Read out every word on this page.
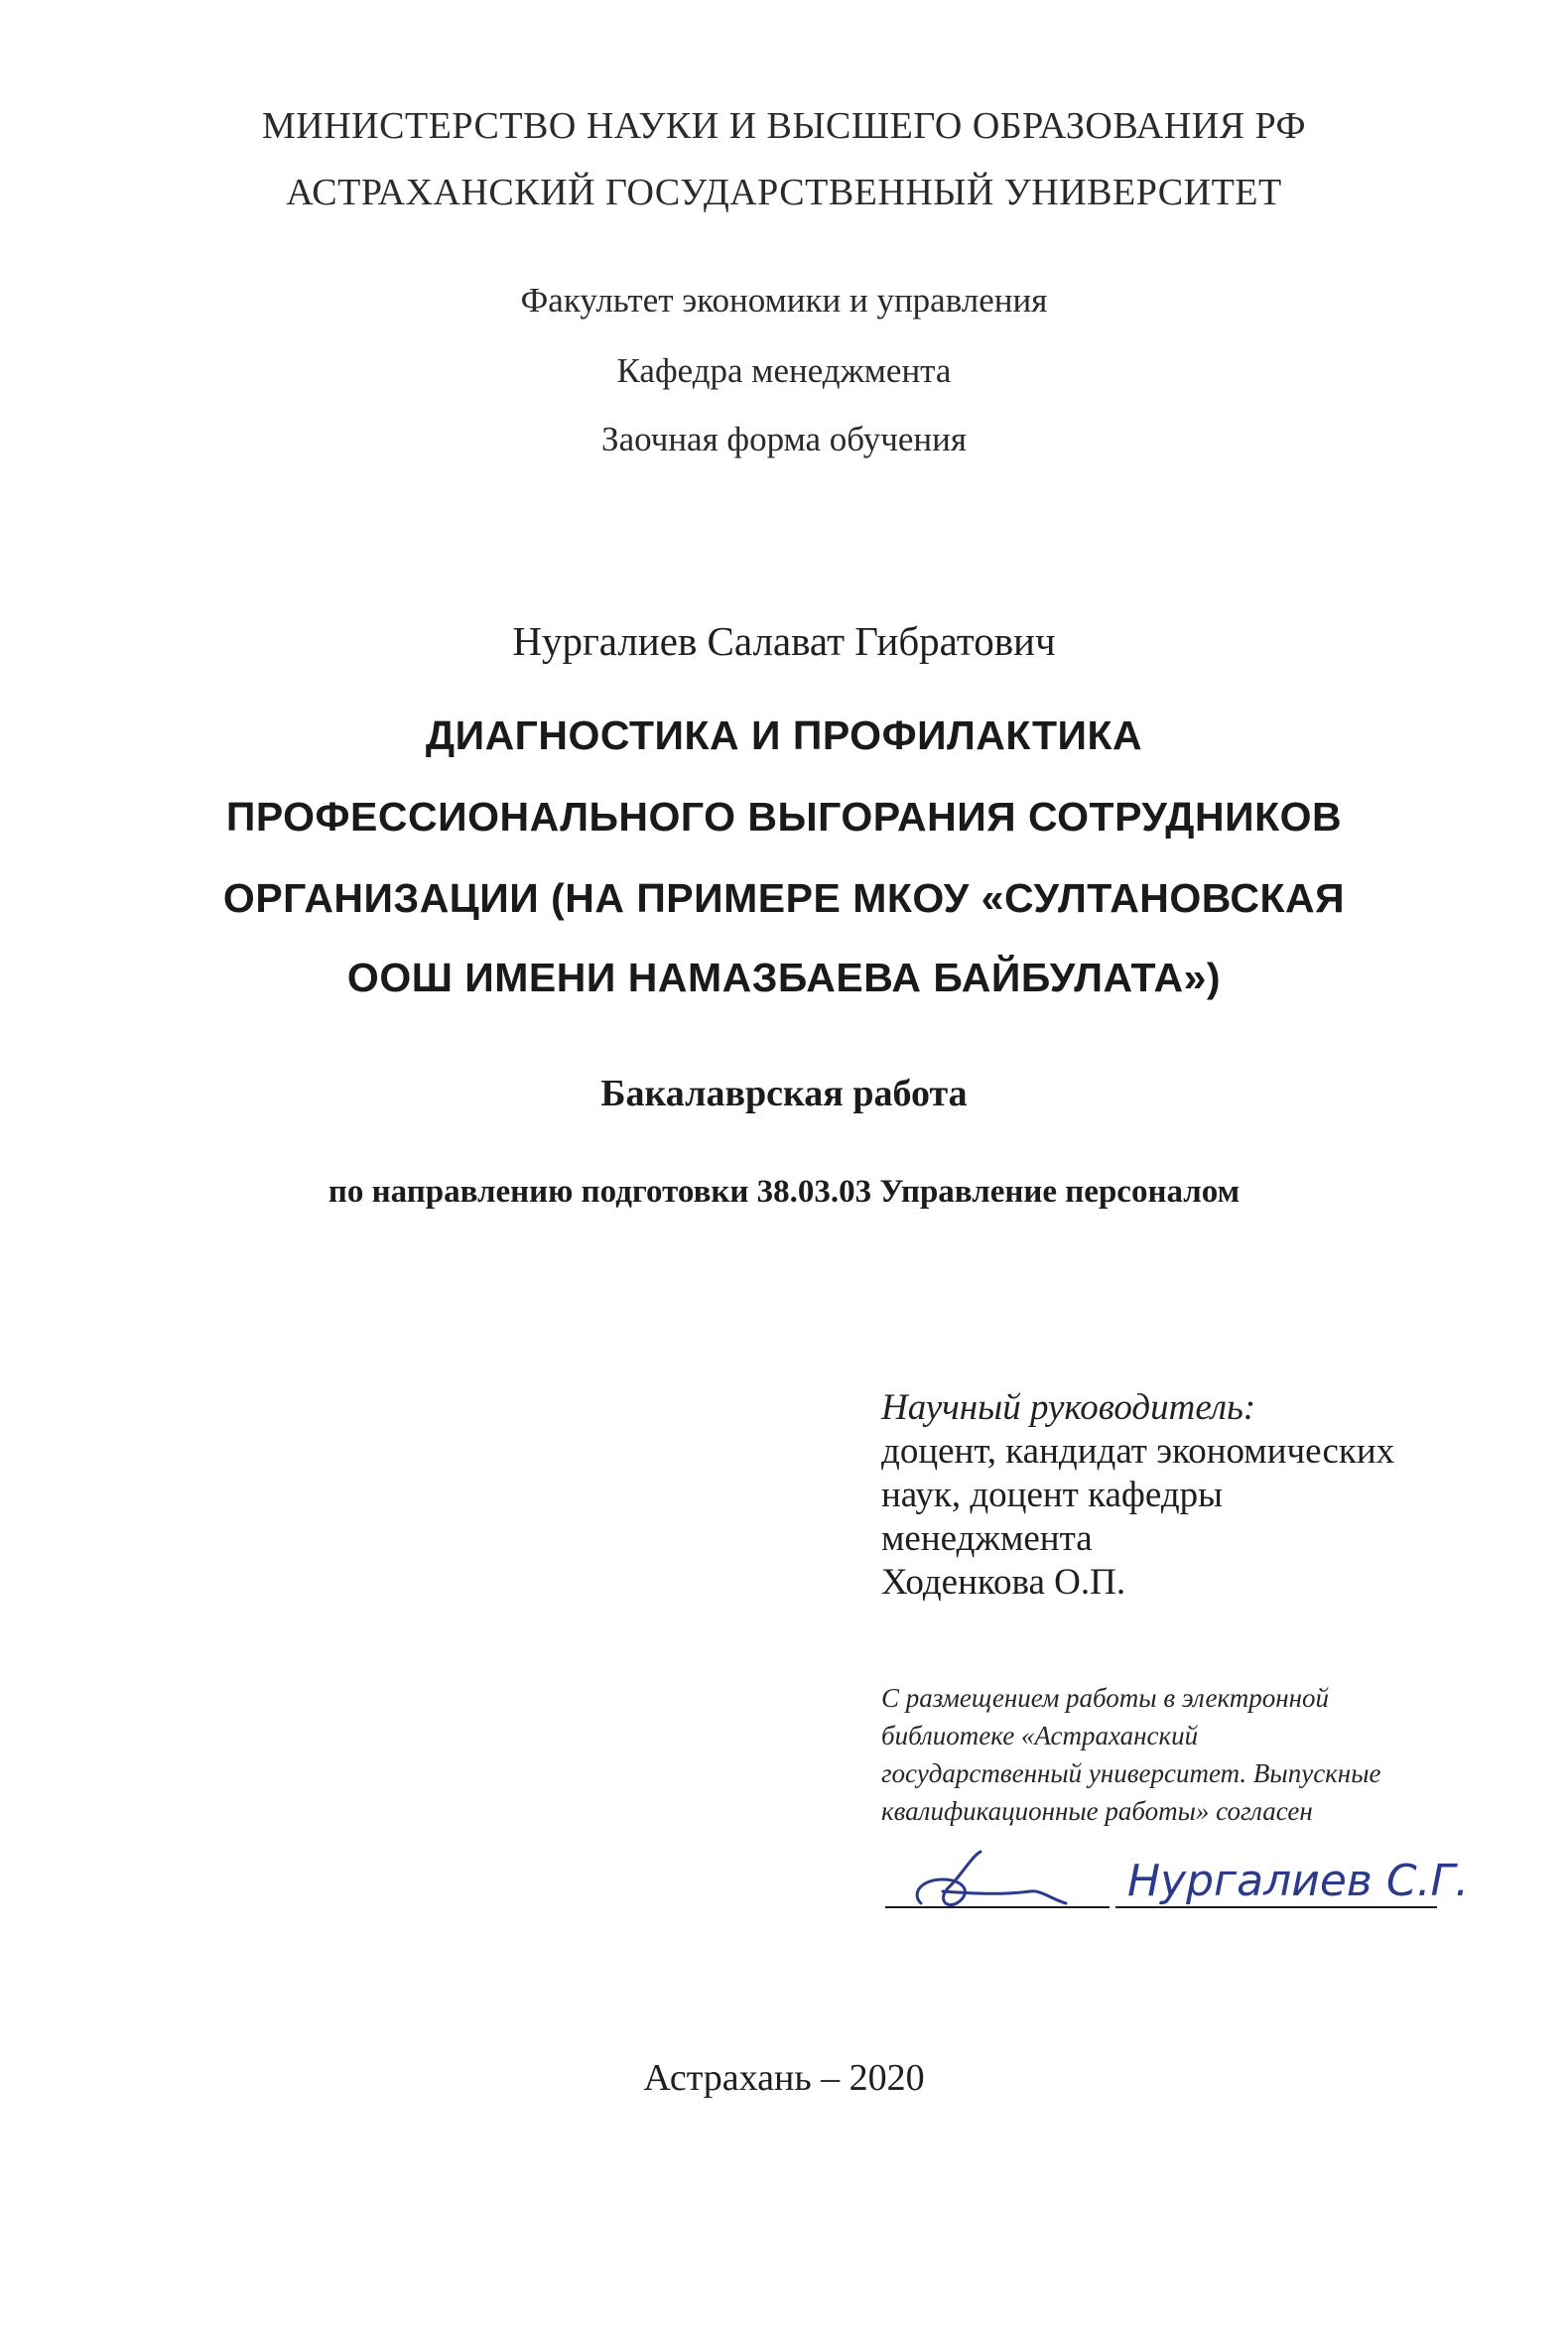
МИНИСТЕРСТВО НАУКИ И ВЫСШЕГО ОБРАЗОВАНИЯ РФ
АСТРАХАНСКИЙ ГОСУДАРСТВЕННЫЙ УНИВЕРСИТЕТ
Факультет экономики и управления
Кафедра менеджмента
Заочная форма обучения
Нургалиев Салават Гибратович
ДИАГНОСТИКА И ПРОФИЛАКТИКА
ПРОФЕССИОНАЛЬНОГО ВЫГОРАНИЯ СОТРУДНИКОВ
ОРГАНИЗАЦИИ (НА ПРИМЕРЕ МКОУ «СУЛТАНОВСКАЯ
ООШ ИМЕНИ НАМАЗБАЕВА БАЙБУЛАТА»)
Бакалаврская работа
по направлению подготовки 38.03.03 Управление персоналом
Научный руководитель:
доцент, кандидат экономических
наук, доцент кафедры
менеджмента
Ходенкова О.П.
С размещением работы в электронной
библиотеке «Астраханский
государственный университет. Выпускные
квалификационные работы» согласен
Нургалиев С.Г.
Астрахань – 2020
